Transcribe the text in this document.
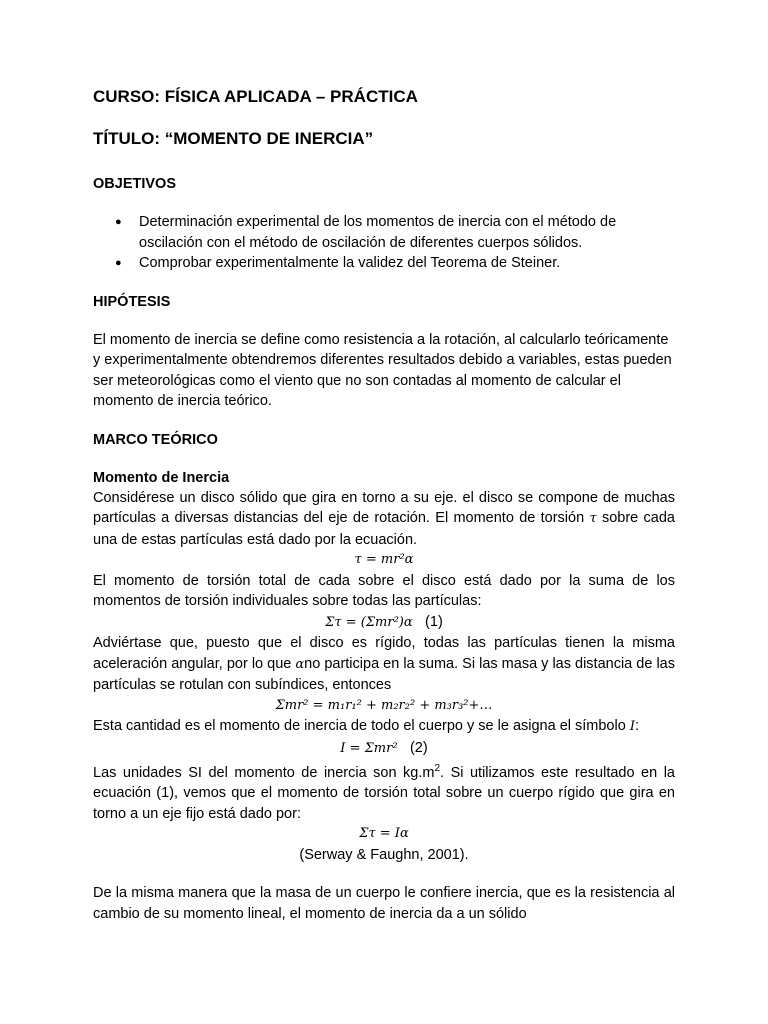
CURSO: FÍSICA APLICADA – PRÁCTICA
TÍTULO: “MOMENTO DE INERCIA”
OBJETIVOS
● Determinación experimental de los momentos de inercia con el método de oscilación con el método de oscilación de diferentes cuerpos sólidos.
● Comprobar experimentalmente la validez del Teorema de Steiner.
HIPÓTESIS

El momento de inercia se define como resistencia a la rotación, al calcularlo teóricamente y experimentalmente obtendremos diferentes resultados debido a variables, estas pueden ser meteorológicas como el viento que no son contadas al momento de calcular el momento de inercia teórico.

MARCO TEÓRICO
Momento de Inercia

Considérese un disco sólido que gira en torno a su eje. el disco se compone de muchas partículas a diversas distancias del eje de rotación. El momento de torsión τ sobre cada una de estas partículas está dado por la ecuación.

τ = mr²α

El momento de torsión total de cada sobre el disco está dado por la suma de los momentos de torsión individuales sobre todas las partículas:

Στ = (Σmr²)α (1)

Adviértase que, puesto que el disco es rígido, todas las partículas tienen la misma aceleración angular, por lo que αno participa en la suma. Si las masa y las distancia de las partículas se rotulan con subíndices, entonces

Σmr² = m₁r₁² + m₂r₂² + m₃r₃²+…

Esta cantidad es el momento de inercia de todo el cuerpo y se le asigna el símbolo I:

I = Σmr² (2)

Las unidades SI del momento de inercia son $kg.m^2$. Si utilizamos este resultado en la ecuación (1), vemos que el momento de torsión total sobre un cuerpo rígido que gira en torno a un eje fijo está dado por:

Στ = Iα

(Serway & Faughn, 2001).

De la misma manera que la masa de un cuerpo le confiere inercia, que es la resistencia al cambio de su momento lineal, el momento de inercia da a un sólido
